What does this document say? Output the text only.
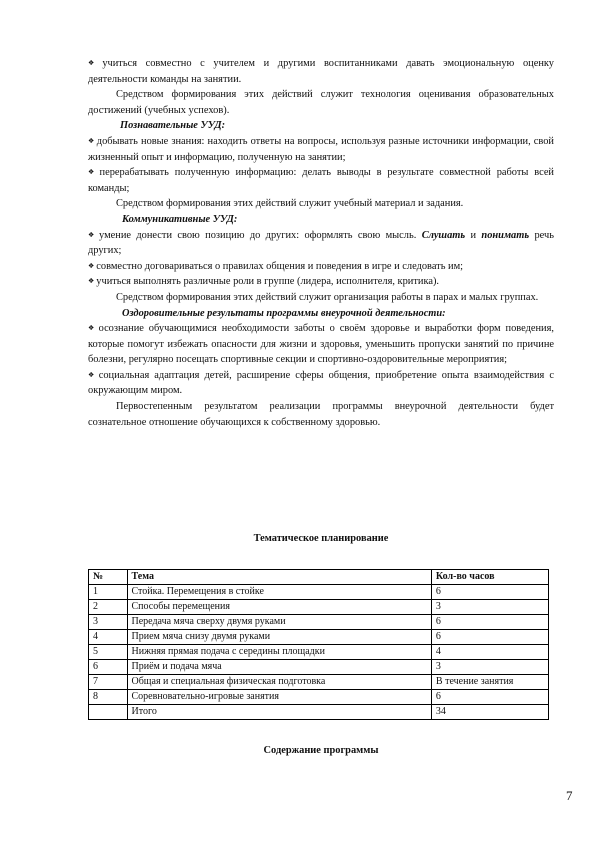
❖ учиться совместно с учителем и другими воспитанниками давать эмоциональную оценку деятельности команды на занятии.

Средством формирования этих действий служит технология оценивания образовательных достижений (учебных успехов).

Познавательные УУД:

❖ добывать новые знания: находить ответы на вопросы, используя разные источники информации, свой жизненный опыт и информацию, полученную на занятии;

❖ перерабатывать полученную информацию: делать выводы в результате совместной работы всей команды;

Средством формирования этих действий служит учебный материал и задания.

Коммуникативные УУД:

❖ умение донести свою позицию до других: оформлять свою мысль. Слушать и понимать речь других;

❖ совместно договариваться о правилах общения и поведения в игре и следовать им;

❖ учиться выполнять различные роли в группе (лидера, исполнителя, критика).

Средством формирования этих действий служит организация работы в парах и малых группах.

Оздоровительные результаты программы внеурочной деятельности:

❖ осознание обучающимися необходимости заботы о своём здоровье и выработки форм поведения, которые помогут избежать опасности для жизни и здоровья, уменьшить пропуски занятий по причине болезни, регулярно посещать спортивные секции и спортивно-оздоровительные мероприятия;

❖ социальная адаптация детей, расширение сферы общения, приобретение опыта взаимодействия с окружающим миром.

Первостепенным результатом реализации программы внеурочной деятельности будет сознательное отношение обучающихся к собственному здоровью.

Тематическое планирование
№	Тема	Кол-во часов
1	Стойка. Перемещения в стойке	6
2	Способы перемещения	3
3	Передача мяча сверху двумя руками	6
4	Прием мяча снизу двумя руками	6
5	Нижняя прямая подача с середины площадки	4
6	Приём и подача мяча	3
7	Общая и специальная физическая подготовка	В течение занятия
8	Соревновательно-игровые занятия	6
	Итого	34
Содержание программы
7
